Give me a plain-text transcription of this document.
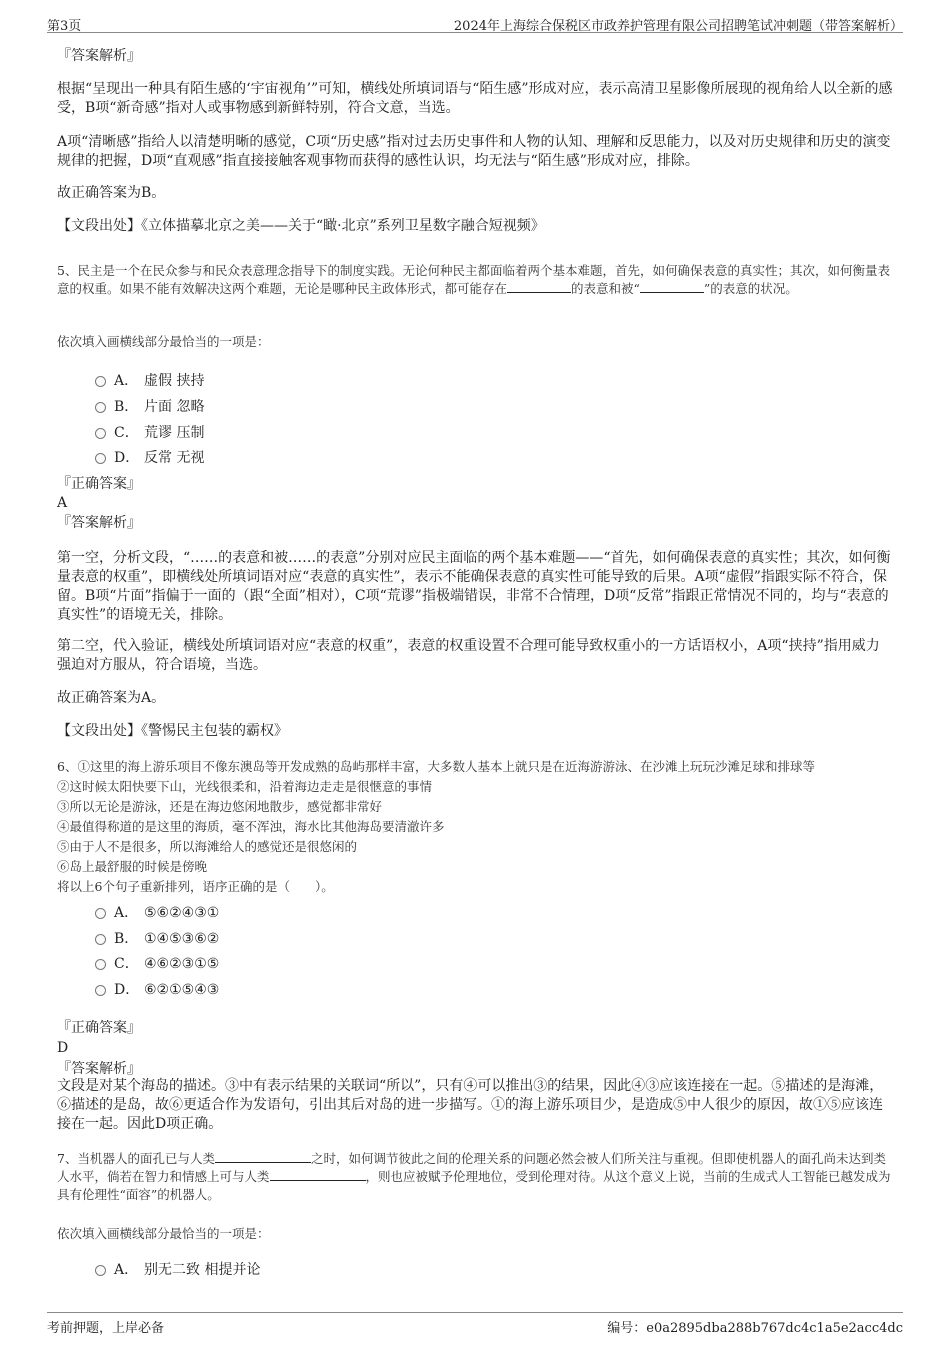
第3页	2024年上海综合保税区市政养护管理有限公司招聘笔试冲刺题（带答案解析）
『答案解析』

根据“呈现出一种具有陌生感的‘宇宙视角’”可知，横线处所填词语与“陌生感”形成对应，表示高清卫星影像所展现的视角给人以全新的感受，B项“新奇感”指对人或事物感到新鲜特别，符合文意，当选。

A项“清晰感”指给人以清楚明晰的感觉，C项“历史感”指对过去历史事件和人物的认知、理解和反思能力，以及对历史规律和历史的演变规律的把握，D项“直观感”指直接接触客观事物而获得的感性认识，均无法与“陌生感”形成对应，排除。

故正确答案为B。
【文段出处】《立体描摹北京之美——关于“瞰·北京”系列卫星数字融合短视频》

5、民主是一个在民众参与和民众表意理念指导下的制度实践。无论何种民主都面临着两个基本难题，首先，如何确保表意的真实性；其次，如何衡量表意的权重。如果不能有效解决这两个难题，无论是哪种民主政体形式，都可能存在	的表意和被“	”的表意的状况。

依次填入画横线部分最恰当的一项是：
A． 虚假 挟持
B． 片面 忽略
C． 荒谬 压制
D． 反常 无视
『正确答案』
A
『答案解析』

第一空，分析文段，“……的表意和被……的表意”分别对应民主面临的两个基本难题——“首先，如何确保表意的真实性；其次，如何衡量表意的权重”，即横线处所填词语对应“表意的真实性”，表示不能确保表意的真实性可能导致的后果。A项“虚假”指跟实际不符合，保留。B项“片面”指偏于一面的（跟“全面”相对），C项“荒谬”指极端错误，非常不合情理，D项“反常”指跟正常情况不同的，均与“表意的真实性”的语境无关，排除。

第二空，代入验证，横线处所填词语对应“表意的权重”，表意的权重设置不合理可能导致权重小的一方话语权小，A项“挟持”指用威力强迫对方服从，符合语境，当选。

故正确答案为A。
【文段出处】《警惕民主包装的霸权》
6、①这里的海上游乐项目不像东澳岛等开发成熟的岛屿那样丰富，大多数人基本上就只是在近海游游泳、在沙滩上玩玩沙滩足球和排球等
②这时候太阳快要下山，光线很柔和，沿着海边走走是很惬意的事情
③所以无论是游泳，还是在海边悠闲地散步，感觉都非常好
④最值得称道的是这里的海质，毫不浑浊，海水比其他海岛要清澈许多
⑤由于人不是很多，所以海滩给人的感觉还是很悠闲的
⑥岛上最舒服的时候是傍晚
将以上6个句子重新排列，语序正确的是（　　）。
A． ⑤⑥②④③①
B． ①④⑤③⑥②
C． ④⑥②③①⑤
D． ⑥②①⑤④③
『正确答案』
D
『答案解析』

文段是对某个海岛的描述。③中有表示结果的关联词“所以”，只有④可以推出③的结果，因此④③应该连接在一起。⑤描述的是海滩，⑥描述的是岛，故⑥更适合作为发语句，引出其后对岛的进一步描写。①的海上游乐项目少，是造成⑤中人很少的原因，故①⑤应该连接在一起。因此D项正确。

7、当机器人的面孔已与人类	之时，如何调节彼此之间的伦理关系的问题必然会被人们所关注与重视。但即使机器人的面孔尚未达到类人水平，倘若在智力和情感上可与人类	，则也应被赋予伦理地位，受到伦理对待。从这个意义上说，当前的生成式人工智能已越发成为具有伦理性“面容”的机器人。

依次填入画横线部分最恰当的一项是：
A． 别无二致 相提并论
考前押题，上岸必备	编号：e0a2895dba288b767dc4c1a5e2acc4dc
